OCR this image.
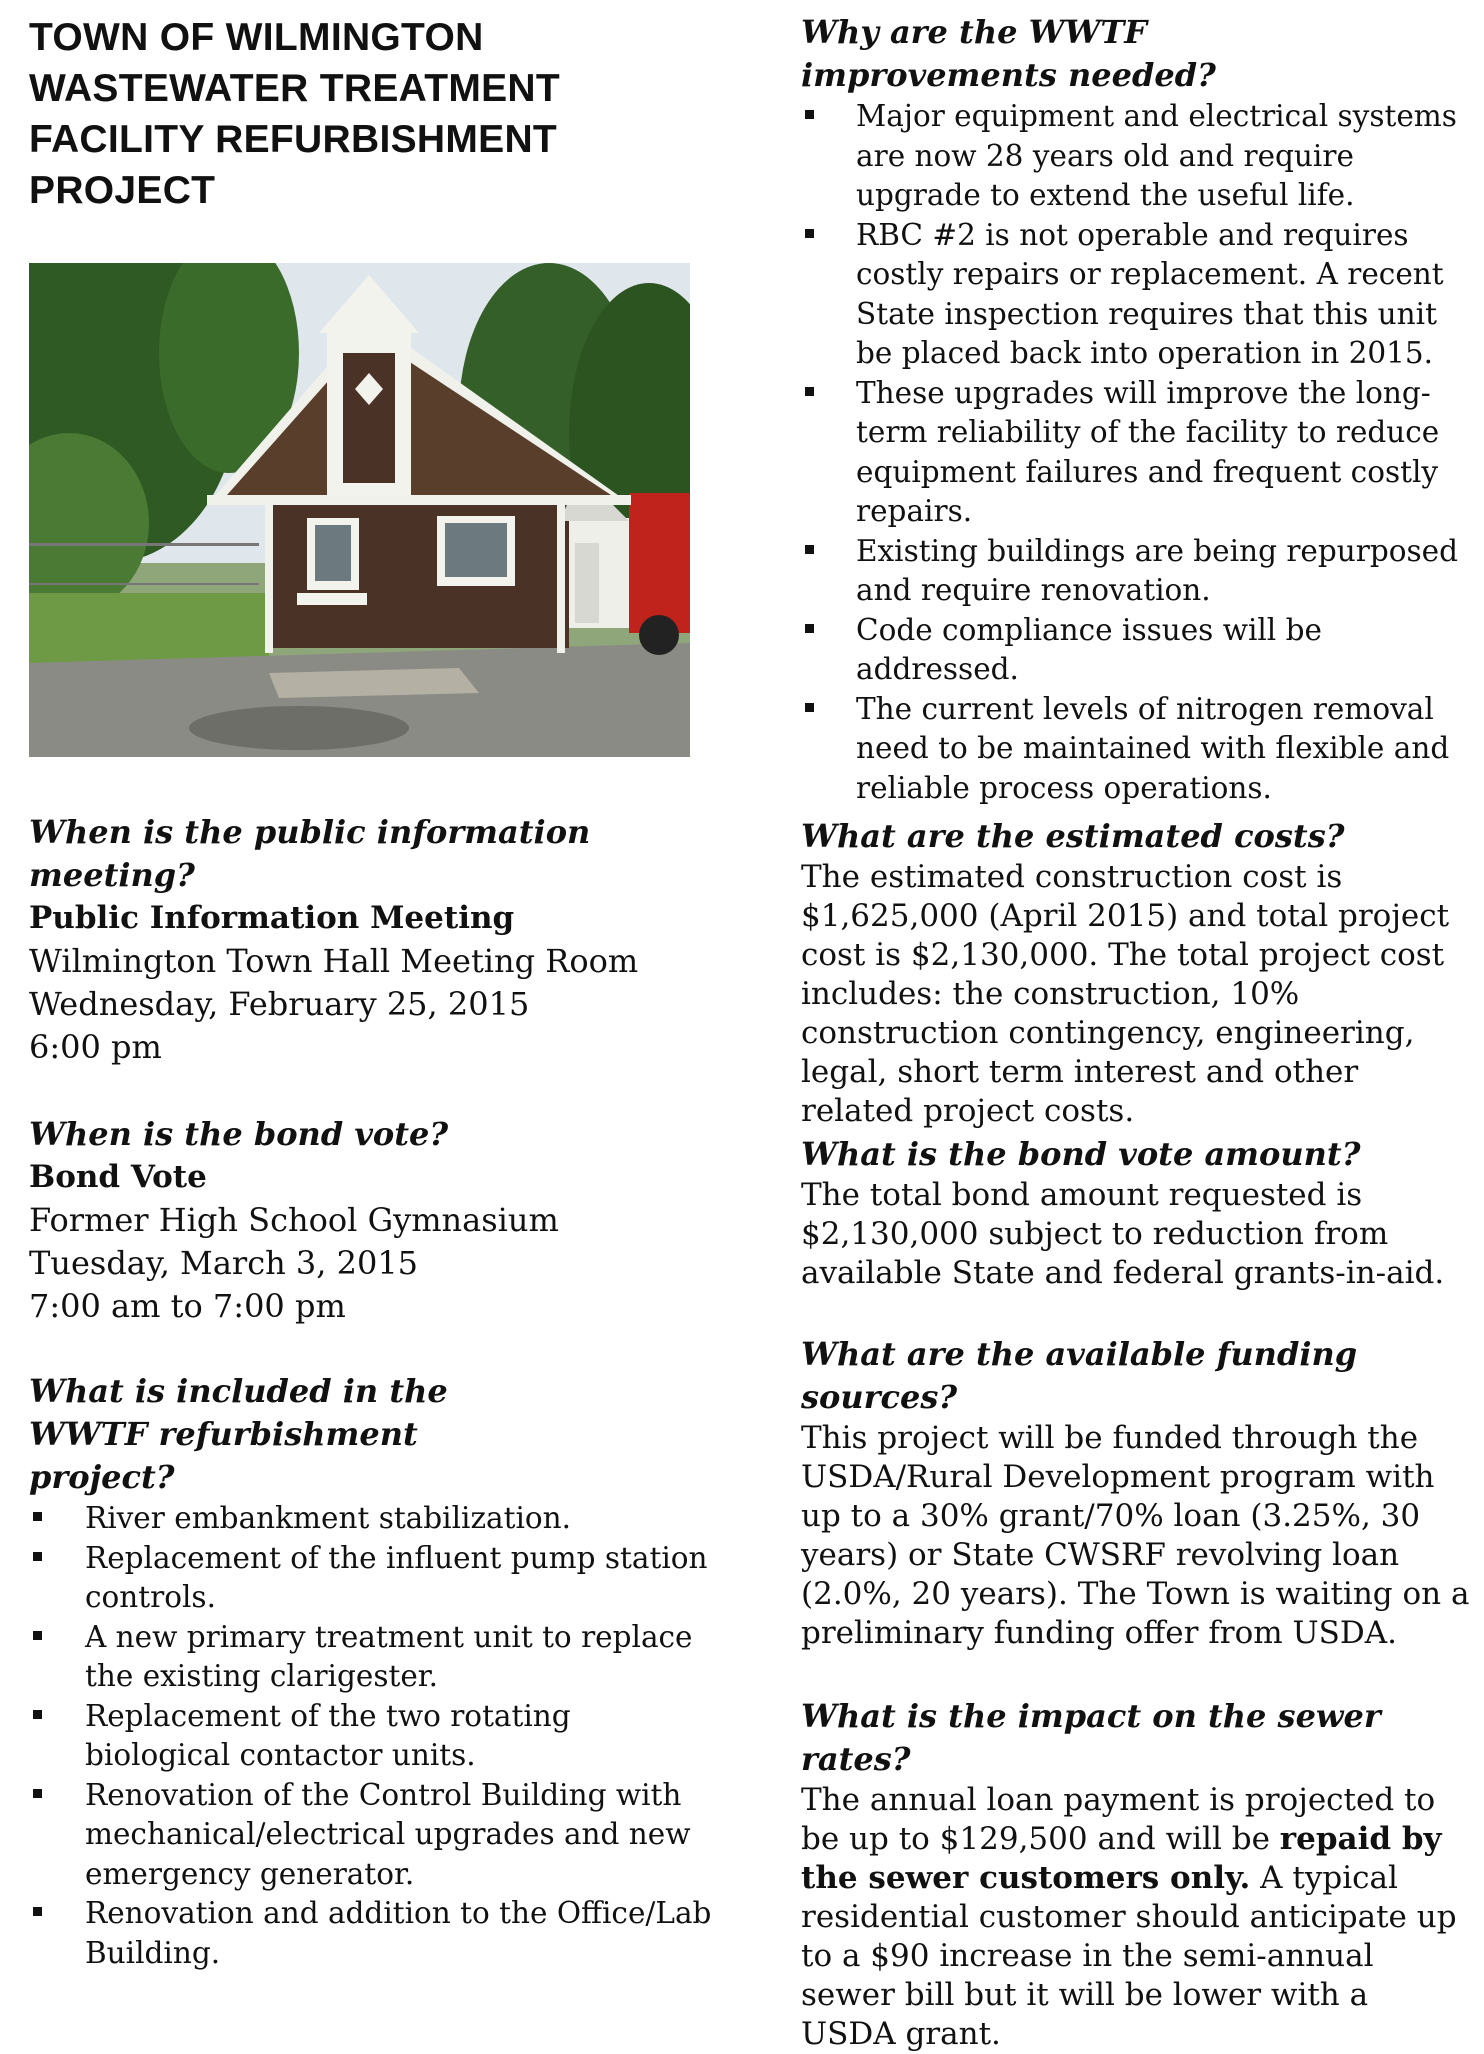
TOWN OF WILMINGTON
WASTEWATER TREATMENT
FACILITY REFURBISHMENT
PROJECT

When is the public information meeting?

Public Information Meeting

Wilmington Town Hall Meeting Room

Wednesday, February 25, 2015

6:00 pm

When is the bond vote?

Bond Vote

Former High School Gymnasium

Tuesday, March 3, 2015

7:00 am to 7:00 pm

What is included in the WWTF refurbishment project?

River embankment stabilization.
Replacement of the influent pump station controls.
A new primary treatment unit to replace the existing clarigester.
Replacement of the two rotating biological contactor units.
Renovation of the Control Building with mechanical/electrical upgrades and new emergency generator.
Renovation and addition to the Office/Lab Building.

Why are the WWTF improvements needed?

Major equipment and electrical systems are now 28 years old and require upgrade to extend the useful life.
RBC #2 is not operable and requires costly repairs or replacement. A recent State inspection requires that this unit be placed back into operation in 2015.
These upgrades will improve the long-term reliability of the facility to reduce equipment failures and frequent costly repairs.
Existing buildings are being repurposed and require renovation.
Code compliance issues will be addressed.
The current levels of nitrogen removal need to be maintained with flexible and reliable process operations.

What are the estimated costs?

The estimated construction cost is $1,625,000 (April 2015) and total project cost is $2,130,000. The total project cost includes: the construction, 10% construction contingency, engineering, legal, short term interest and other related project costs.

What is the bond vote amount?

The total bond amount requested is $2,130,000 subject to reduction from available State and federal grants-in-aid.

What are the available funding sources?

This project will be funded through the USDA/Rural Development program with up to a 30% grant/70% loan (3.25%, 30 years) or State CWSRF revolving loan (2.0%, 20 years). The Town is waiting on a preliminary funding offer from USDA.

What is the impact on the sewer rates?

The annual loan payment is projected to be up to $129,500 and will be repaid by the sewer customers only. A typical residential customer should anticipate up to a $90 increase in the semi-annual sewer bill but it will be lower with a USDA grant.
